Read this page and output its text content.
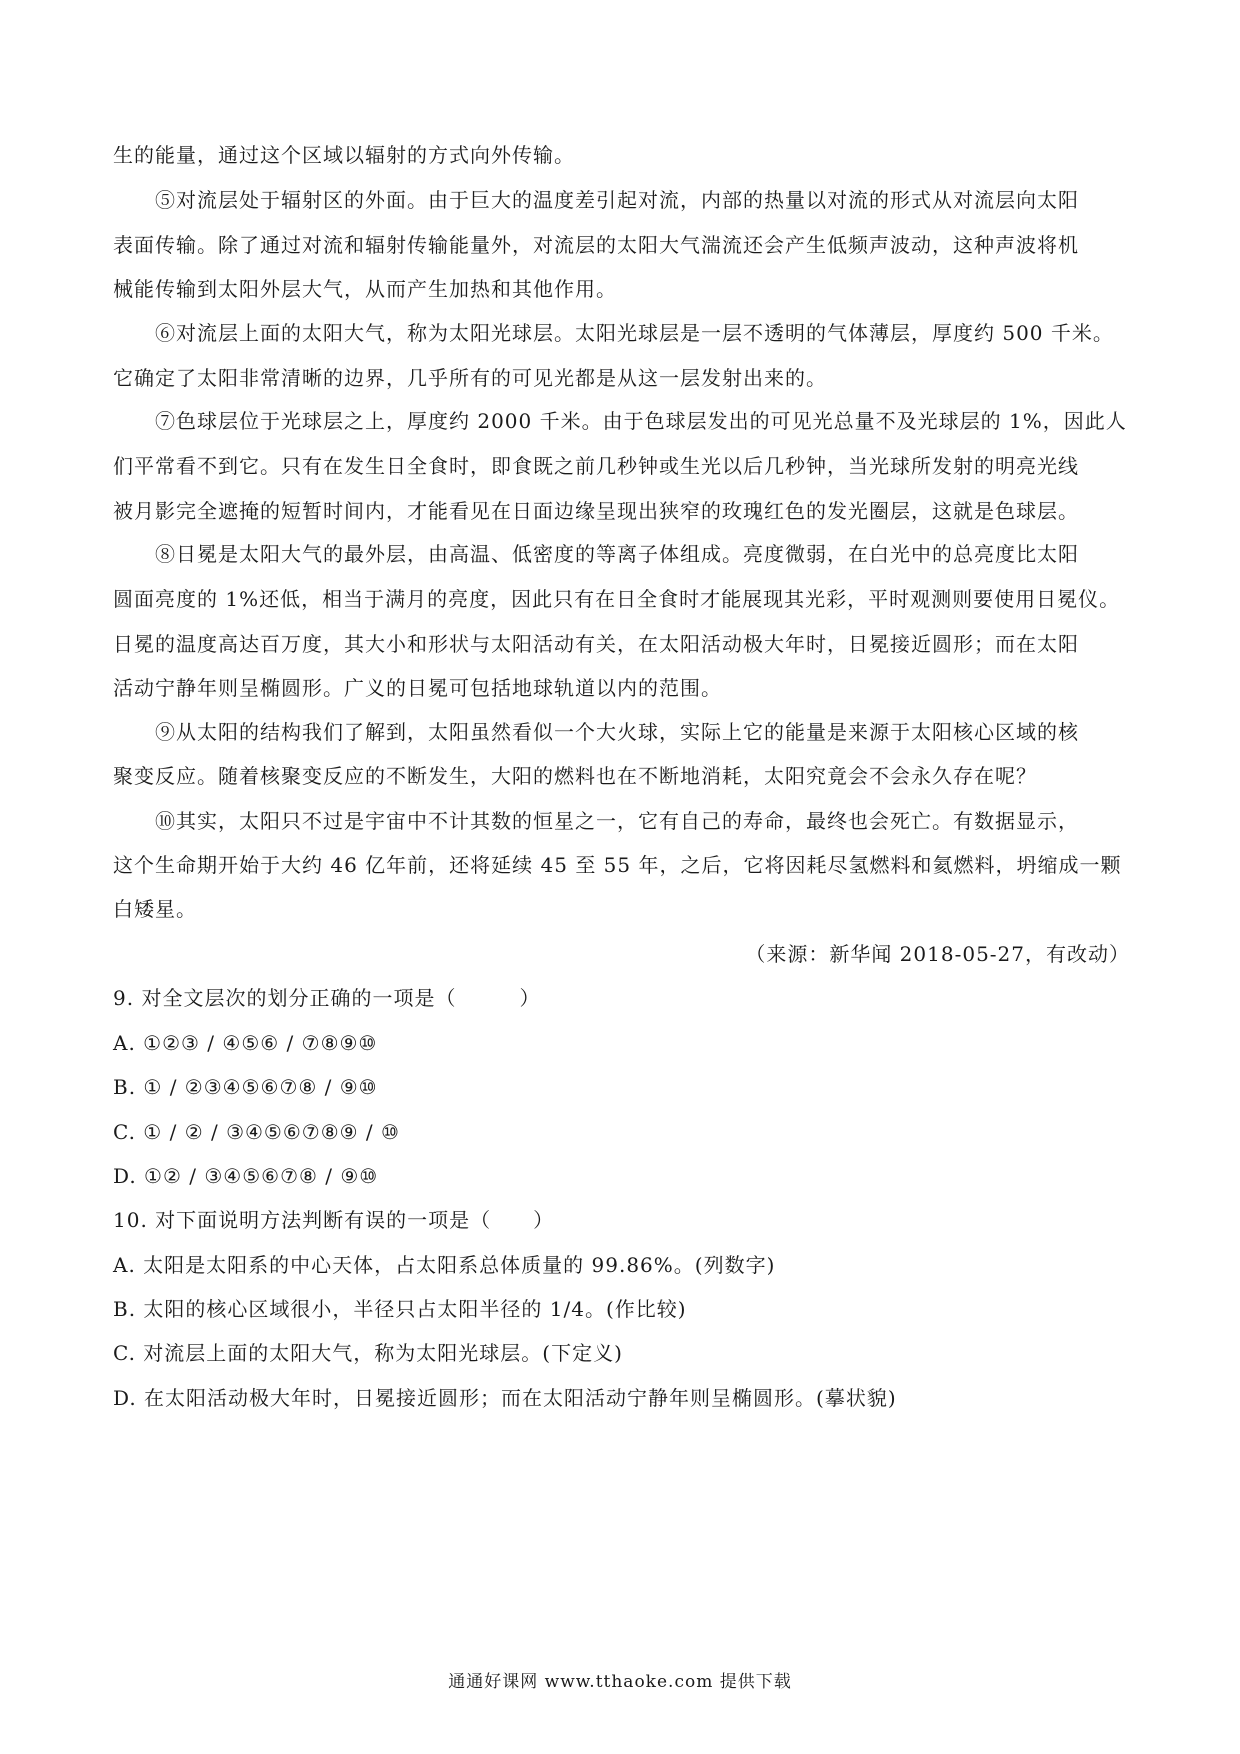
生的能量，通过这个区域以辐射的方式向外传输。
⑤对流层处于辐射区的外面。由于巨大的温度差引起对流，内部的热量以对流的形式从对流层向太阳
表面传输。除了通过对流和辐射传输能量外，对流层的太阳大气湍流还会产生低频声波动，这种声波将机
械能传输到太阳外层大气，从而产生加热和其他作用。
⑥对流层上面的太阳大气，称为太阳光球层。太阳光球层是一层不透明的气体薄层，厚度约 500 千米。
它确定了太阳非常清晰的边界，几乎所有的可见光都是从这一层发射出来的。
⑦色球层位于光球层之上，厚度约 2000 千米。由于色球层发出的可见光总量不及光球层的 1%，因此人
们平常看不到它。只有在发生日全食时，即食既之前几秒钟或生光以后几秒钟，当光球所发射的明亮光线
被月影完全遮掩的短暂时间内，才能看见在日面边缘呈现出狭窄的玫瑰红色的发光圈层，这就是色球层。
⑧日冕是太阳大气的最外层，由高温、低密度的等离子体组成。亮度微弱，在白光中的总亮度比太阳
圆面亮度的 1%还低，相当于满月的亮度，因此只有在日全食时才能展现其光彩，平时观测则要使用日冕仪。
日冕的温度高达百万度，其大小和形状与太阳活动有关，在太阳活动极大年时，日冕接近圆形；而在太阳
活动宁静年则呈椭圆形。广义的日冕可包括地球轨道以内的范围。
⑨从太阳的结构我们了解到，太阳虽然看似一个大火球，实际上它的能量是来源于太阳核心区域的核
聚变反应。随着核聚变反应的不断发生，大阳的燃料也在不断地消耗，太阳究竟会不会永久存在呢？
⑩其实，太阳只不过是宇宙中不计其数的恒星之一，它有自己的寿命，最终也会死亡。有数据显示，
这个生命期开始于大约 46 亿年前，还将延续 45 至 55 年，之后，它将因耗尽氢燃料和氦燃料，坍缩成一颗
白矮星。
（来源：新华闻 2018-05-27，有改动）
9. 对全文层次的划分正确的一项是（　　　）
A. ①②③ / ④⑤⑥ / ⑦⑧⑨⑩
B. ① / ②③④⑤⑥⑦⑧ / ⑨⑩
C. ① / ② / ③④⑤⑥⑦⑧⑨ / ⑩
D. ①② / ③④⑤⑥⑦⑧ / ⑨⑩
10. 对下面说明方法判断有误的一项是（　　）
A. 太阳是太阳系的中心天体，占太阳系总体质量的 99.86%。(列数字)
B. 太阳的核心区域很小，半径只占太阳半径的 1/4。(作比较)
C. 对流层上面的太阳大气，称为太阳光球层。(下定义)
D. 在太阳活动极大年时，日冕接近圆形；而在太阳活动宁静年则呈椭圆形。(摹状貌)
通通好课网 www.tthaoke.com 提供下载
